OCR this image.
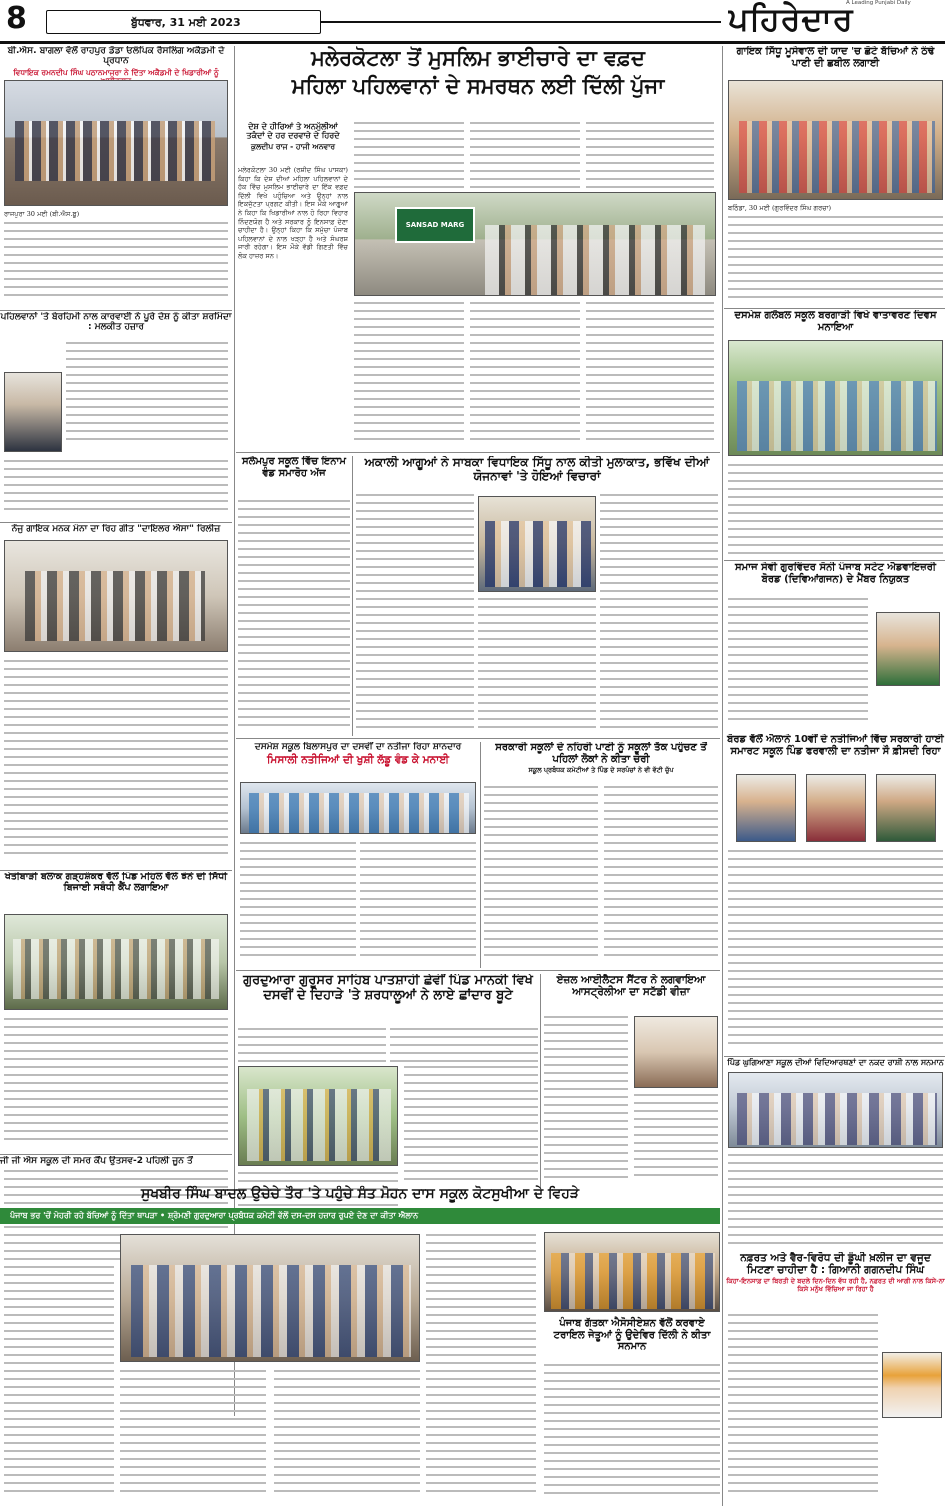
8	ਬੁੱਧਵਾਰ, 31 ਮਈ 2023	ਪਹਿਰੇਦਾਰ
A Leading Punjabi Daily
ਬੀ.ਐਸ. ਬਾਗਲਾ ਵੱਲੋਂ ਰਾਹਪੁਰ ਡੋਡਾ ਓਲੰਪਿਕ ਰੈਸਲਿੰਗ ਅਕੈਡਮੀ ਦੇ ਪ੍ਰਧਾਨ
ਵਿਧਾਇਕ ਰਮਨਦੀਪ ਸਿੰਘ ਪਠਾਨਮਾਜਰਾ ਨੇ ਦਿੱਤਾ ਅਕੈਡਮੀ ਦੇ ਖਿਡਾਰੀਆਂ ਨੂੰ
ਰਾਜਪੁਰਾ 30 ਮਈ (ਬੀ.ਐਸ.ਬੂ)
ਪਹਿਲਵਾਨਾਂ 'ਤੇ ਬੇਰਹਿਮੀ ਨਾਲ ਕਾਰਵਾਈ ਨੇ ਪੂਰੇ ਦੇਸ਼ ਨੂੰ ਕੀਤਾ ਸ਼ਰਮਿੰਦਾ : ਮਲਕੀਤ ਹਜ਼ਾਰ
ਨੌਜੁ ਗਾਇਕ ਮਨਕ ਮੰਨਾ ਦਾ ਰਿਹ ਗੀਤ "ਦਾਇਲਰ ਐਸਾ" ਰਿਲੀਜ਼
ਖੇਤੀਬਾੜੀ ਬਲਾਕ ਗੜ੍ਹਸ਼ੰਕਰ ਵੱਲੋਂ ਪਿੰਡ ਮਹਿਲ ਵੱਲੇ ਝੋਨੇ ਦੀ ਸਿੱਧੀ ਬਿਜਾਈ ਸਬੰਧੀ ਕੈਂਪ ਲਗਾਇਆ
ਜੀ ਜੀ ਐਸ ਸਕੂਲ ਦੀ ਸਮਰ ਕੈਂਪ ਉਤਸਵ-2 ਪਹਿਲੀ ਜੂਨ ਤੋਂ
ਮਲੇਰਕੋਟਲਾ ਤੋਂ ਮੁਸਲਿਮ ਭਾਈਚਾਰੇ ਦਾ ਵਫ਼ਦ
ਮਹਿਲਾ ਪਹਿਲਵਾਨਾਂ ਦੇ ਸਮਰਥਨ ਲਈ ਦਿੱਲੀ ਪੁੱਜਾ
ਦੇਸ਼ ਦੇ ਹੀਰਿਆਂ ਤੇ ਅਨਮੁੱਲੀਆਂ ਤਕੰਦਾਂ ਦੇ ਹਰ ਦਰਵਾਜ਼ੇ ਦੇ ਹਿਰਦੇ
ਕੁਲਦੀਪ ਰਾਜ - ਹਾਜੀ ਅਨਵਾਰ
ਮਲੇਰਕੋਟਲਾ 30 ਮਈ (ਰਸ਼ੀਦ ਸਿੰਘ ਪਾਸਕਾ) ਕਿਹਾ ਕਿ ਦੇਸ਼ ਦੀਆਂ ਮਹਿਲਾ ਪਹਿਲਵਾਨਾਂ ਦੇ ਹੱਕ ਵਿੱਚ ਮੁਸਲਿਮ ਭਾਈਚਾਰੇ ਦਾ ਇੱਕ ਵਫ਼ਦ ਦਿੱਲੀ ਵਿਖੇ ਪਹੁੰਚਿਆ ਅਤੇ ਉਨ੍ਹਾਂ ਨਾਲ ਇਕਜੁੱਟਤਾ ਪ੍ਰਗਟ ਕੀਤੀ। ਇਸ ਮੌਕੇ ਆਗੂਆਂ ਨੇ ਕਿਹਾ ਕਿ ਖਿਡਾਰੀਆਂ ਨਾਲ ਹੋ ਰਿਹਾ ਵਿਹਾਰ ਨਿੰਦਣਯੋਗ ਹੈ ਅਤੇ ਸਰਕਾਰ ਨੂੰ ਇਨਸਾਫ਼ ਦੇਣਾ ਚਾਹੀਦਾ ਹੈ। ਉਨ੍ਹਾਂ ਕਿਹਾ ਕਿ ਸਮੁੱਚਾ ਪੰਜਾਬ ਪਹਿਲਵਾਨਾਂ ਦੇ ਨਾਲ ਖੜ੍ਹਾ ਹੈ ਅਤੇ ਸੰਘਰਸ਼ ਜਾਰੀ ਰਹੇਗਾ। ਇਸ ਮੌਕੇ ਵੱਡੀ ਗਿਣਤੀ ਵਿੱਚ ਲੋਕ ਹਾਜ਼ਰ ਸਨ।
SANSAD MARG
ਸਲੇਮਪੁਰ ਸਕੂਲ ਵਿੱਚ ਇਨਾਮ ਵੰਡ ਸਮਾਰੋਹ ਅੱਜ
ਅਕਾਲੀ ਆਗੂਆਂ ਨੇ ਸਾਬਕਾ ਵਿਧਾਇਕ ਸਿੱਧੂ ਨਾਲ ਕੀਤੀ ਮੁਲਾਕਾਤ, ਭਵਿੱਖ ਦੀਆਂ ਯੋਜਨਾਵਾਂ 'ਤੇ ਹੋਇਆਂ ਵਿਚਾਰਾਂ
ਦਸਮੇਸ਼ ਸਕੂਲ ਬਿਲਾਸਪੁਰ ਦਾ ਦਸਵੀਂ ਦਾ ਨਤੀਜਾ ਰਿਹਾ ਸ਼ਾਨਦਾਰ
ਮਿਸਾਲੀ ਨਤੀਜਿਆਂ ਦੀ ਖੁਸ਼ੀ ਲੱਡੂ ਵੰਡ ਕੇ ਮਨਾਈ
ਸਰਕਾਰੀ ਸਕੂਲਾਂ ਦੇ ਨਹਿਰੀ ਪਾਣੀ ਨੂੰ ਸਕੂਲਾਂ ਤੱਕ ਪਹੁੰਚਣ ਤੋਂ ਪਹਿਲਾਂ ਲੋਕਾਂ ਨੇ ਕੀਤਾ ਚੋਰੀ
ਸਕੂਲ ਪ੍ਰਬੰਧਕ ਕਮੇਟੀਆਂ ਤੇ ਪਿੰਡ ਦੇ ਸਰਪੰਚਾਂ ਨੇ ਵੀ ਵੱਟੀ ਚੁੱਪ
ਗੁਰਦੁਆਰਾ ਗੁਰੂਸਰ ਸਾਹਿਬ ਪਾਤਸ਼ਾਹੀ ਛੇਵੀਂ ਪਿੰਡ ਮਾਨਕੀ ਵਿਖੇ ਦਸਵੀਂ ਦੇ ਦਿਹਾੜੇ 'ਤੇ ਸ਼ਰਧਾਲੂਆਂ ਨੇ ਲਾਏ ਛਾਂਦਾਰ ਬੂਟੇ
ਏਜ਼ਲ ਆਈਲੈਟਸ ਸੈਂਟਰ ਨੇ ਲਗਵਾਇਆ ਆਸਟ੍ਰੇਲੀਆ ਦਾ ਸਟੱਡੀ ਵੀਜ਼ਾ
ਸੁਖਬੀਰ ਸਿੰਘ ਬਾਦਲ ਉਚੇਚੇ ਤੌਰ 'ਤੇ ਪਹੁੰਚੇ ਸੰਤ ਮੋਹਨ ਦਾਸ ਸਕੂਲ ਕੋਟਸੁਖੀਆ ਦੇ ਵਿਹੜੇ
ਪੰਜਾਬ ਭਰ 'ਚੋਂ ਮੋਹਰੀ ਰਹੇ ਬੱਚਿਆਂ ਨੂੰ ਦਿੱਤਾ ਥਾਪੜਾ • ਸ਼੍ਰੋਮਣੀ ਗੁਰਦੁਆਰਾ ਪ੍ਰਬੰਧਕ ਕਮੇਟੀ ਵੱਲੋਂ ਦਸ-ਦਸ ਹਜ਼ਾਰ ਰੁਪਏ ਦੇਣ ਦਾ ਕੀਤਾ ਐਲਾਨ
ਪੰਜਾਬ ਗੱਤਕਾ ਐਸੋਸੀਏਸ਼ਨ ਵੱਲੋਂ ਕਰਵਾਏ ਟਰਾਇਲ ਜੇਤੂਆਂ ਨੂੰ ਉਦੇਵਿਰ ਦਿੱਲੀ ਨੇ ਕੀਤਾ ਸਨਮਾਨ
ਗਾਇਕ ਸਿੱਧੂ ਮੂਸੇਵਾਲ ਦੀ ਯਾਦ 'ਚ ਛੋਟੇ ਬੱਚਿਆਂ ਨੇ ਠੰਢੇ ਪਾਣੀ ਦੀ ਛਬੀਲ ਲਗਾਈ
ਬਠਿੰਡਾ, 30 ਮਈ (ਗੁਰਵਿੰਦਰ ਸਿੰਘ ਗਰਚਾ)
ਦਸਮੇਸ਼ ਗਲੋਬਲ ਸਕੂਲ ਬਰਗਾੜੀ ਵਿਖੇ ਵਾਤਾਵਰਣ ਦਿਵਸ ਮਨਾਇਆ
ਸਮਾਜ ਸੇਵੀ ਗੁਰਵਿੰਦਰ ਸੋਨੀ ਪੰਜਾਬ ਸਟੇਟ ਐਡਵਾਇਜ਼ਰੀ ਬੋਰਡ (ਦਿਵਿਆਂਗਜਨ) ਦੇ ਮੈਂਬਰ ਨਿਯੁਕਤ
ਬੋਰਡ ਵੱਲੋਂ ਐਲਾਨੇ 10ਵੀਂ ਦੇ ਨਤੀਜਿਆਂ ਵਿੱਚ ਸਰਕਾਰੀ ਹਾਈ ਸਮਾਰਟ ਸਕੂਲ ਪਿੰਡ ਫਰਵਾਲੀ ਦਾ ਨਤੀਜਾ ਸੌ ਫ਼ੀਸਦੀ ਰਿਹਾ
ਪਿੰਡ ਘੁਗਿਆਣਾ ਸਕੂਲ ਦੀਆਂ ਵਿਦਿਆਰਥਣਾਂ ਦਾ ਨਕਦ ਰਾਸ਼ੀ ਨਾਲ ਸਨਮਾਨ
ਨਫ਼ਰਤ ਅਤੇ ਵੈਰ-ਵਿਰੋਧ ਦੀ ਡੂੰਘੀ ਖ਼ਲੀਜ ਦਾ ਵਜੂਦ ਮਿਟਣਾ ਚਾਹੀਦਾ ਹੈ : ਗਿਆਨੀ ਗਗਨਦੀਪ ਸਿੰਘ
ਕਿਹਾ-ਇਨਸਾਫ਼ ਦਾ ਬਿਰਤੀ ਦੇ ਬਦਲੇ ਦਿਨ-ਦਿਨ ਵੱਧ ਰਹੀ ਹੈ, ਨਫ਼ਰਤ ਦੀ ਆਗੀ ਨਾਲ ਕਿਸੇ-ਨਾ ਕਿਸੇ ਮਨੁੱਖ ਵਿੱਚਿਆ ਜਾ ਰਿਹਾ ਹੈ
